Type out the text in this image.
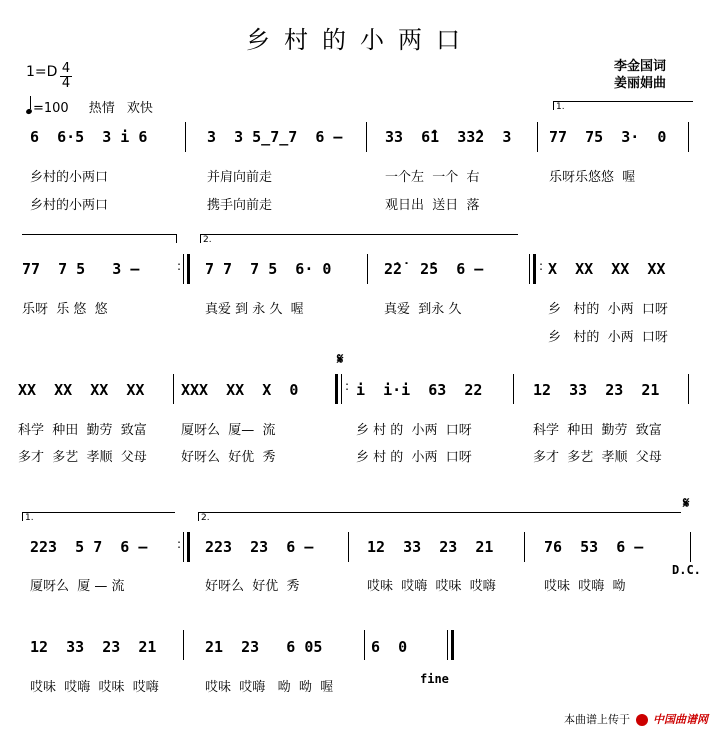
乡村的小两口
李金国词
姜丽娟曲
1=D 4
4
=100 热情 欢快	1.
6  6·5  3 i 6	3  3 5̲7̲7  6 –	33  6̂1  33̂2  3	77  75  3·  0
乡村的小两口	并肩向前走	一个左  一个  右	乐呀乐悠悠  喔
乡村的小两口	携手向前走	观日出  送日  落
2.
77  7 5   3 –	: 7 7  7 5  6· 0	2̇2̇  2̇5  6 –	: X  XX  XX  XX
乐呀  乐 悠  悠	真爱 到 永 久  喔	真爱  到永 久	乡   村的  小两  口呀
乡   村的  小两  口呀
𝄋
XX  XX  XX  XX XXX  XX  X  0	: i  i·i  63  22	12  33  23  21
科学  种田  勤劳  致富	厦呀么  厦—  流	乡 村 的  小两  口呀	科学  种田  勤劳  致富
多才  多艺  孝顺  父母	好呀么  好优  秀	乡 村 的  小两  口呀	多才  多艺  孝顺  父母
1.	2.
𝄋
223  5 7  6 – : 223  23  6 –	12  33  23  21	76  53  6 –
D.C.
厦呀么  厦 — 流	好呀么  好优  秀	哎味  哎嗨  哎味  哎嗨	哎味  哎嗨  呦
12  33  23  21	21  23   6 05	6  0
哎味  哎嗨  哎味  哎嗨	哎味  哎嗨   呦  呦  喔
fine
本曲谱上传于 中国曲谱网
